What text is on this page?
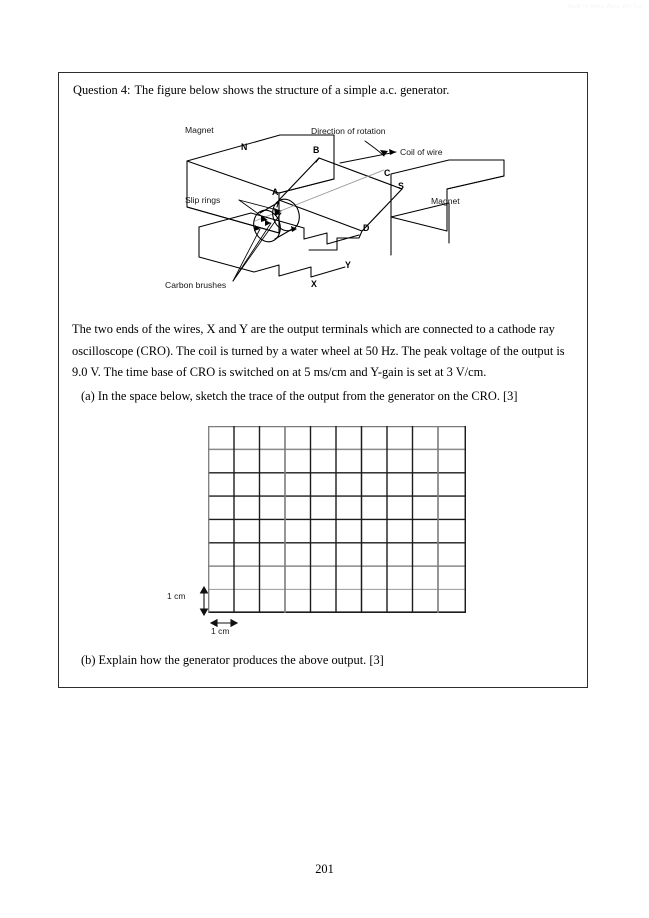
Made by Anhui Wang Wei Xue
Question 4: The figure below shows the structure of a simple a.c. generator.
Magnet
N
Direction of rotation
Coil of wire
Magnet
S
Slip rings
Carbon brushes
A
B
C
D
X
Y

The two ends of the wires, X and Y are the output terminals which are connected to a cathode ray oscilloscope (CRO). The coil is turned by a water wheel at 50 Hz. The peak voltage of the output is 9.0 V. The time base of CRO is switched on at 5 ms/cm and Y-gain is set at 3 V/cm.

(a) In the space below, sketch the trace of the output from the generator on the CRO. [3]
1 cm
1 cm
(b) Explain how the generator produces the above output. [3]
201
